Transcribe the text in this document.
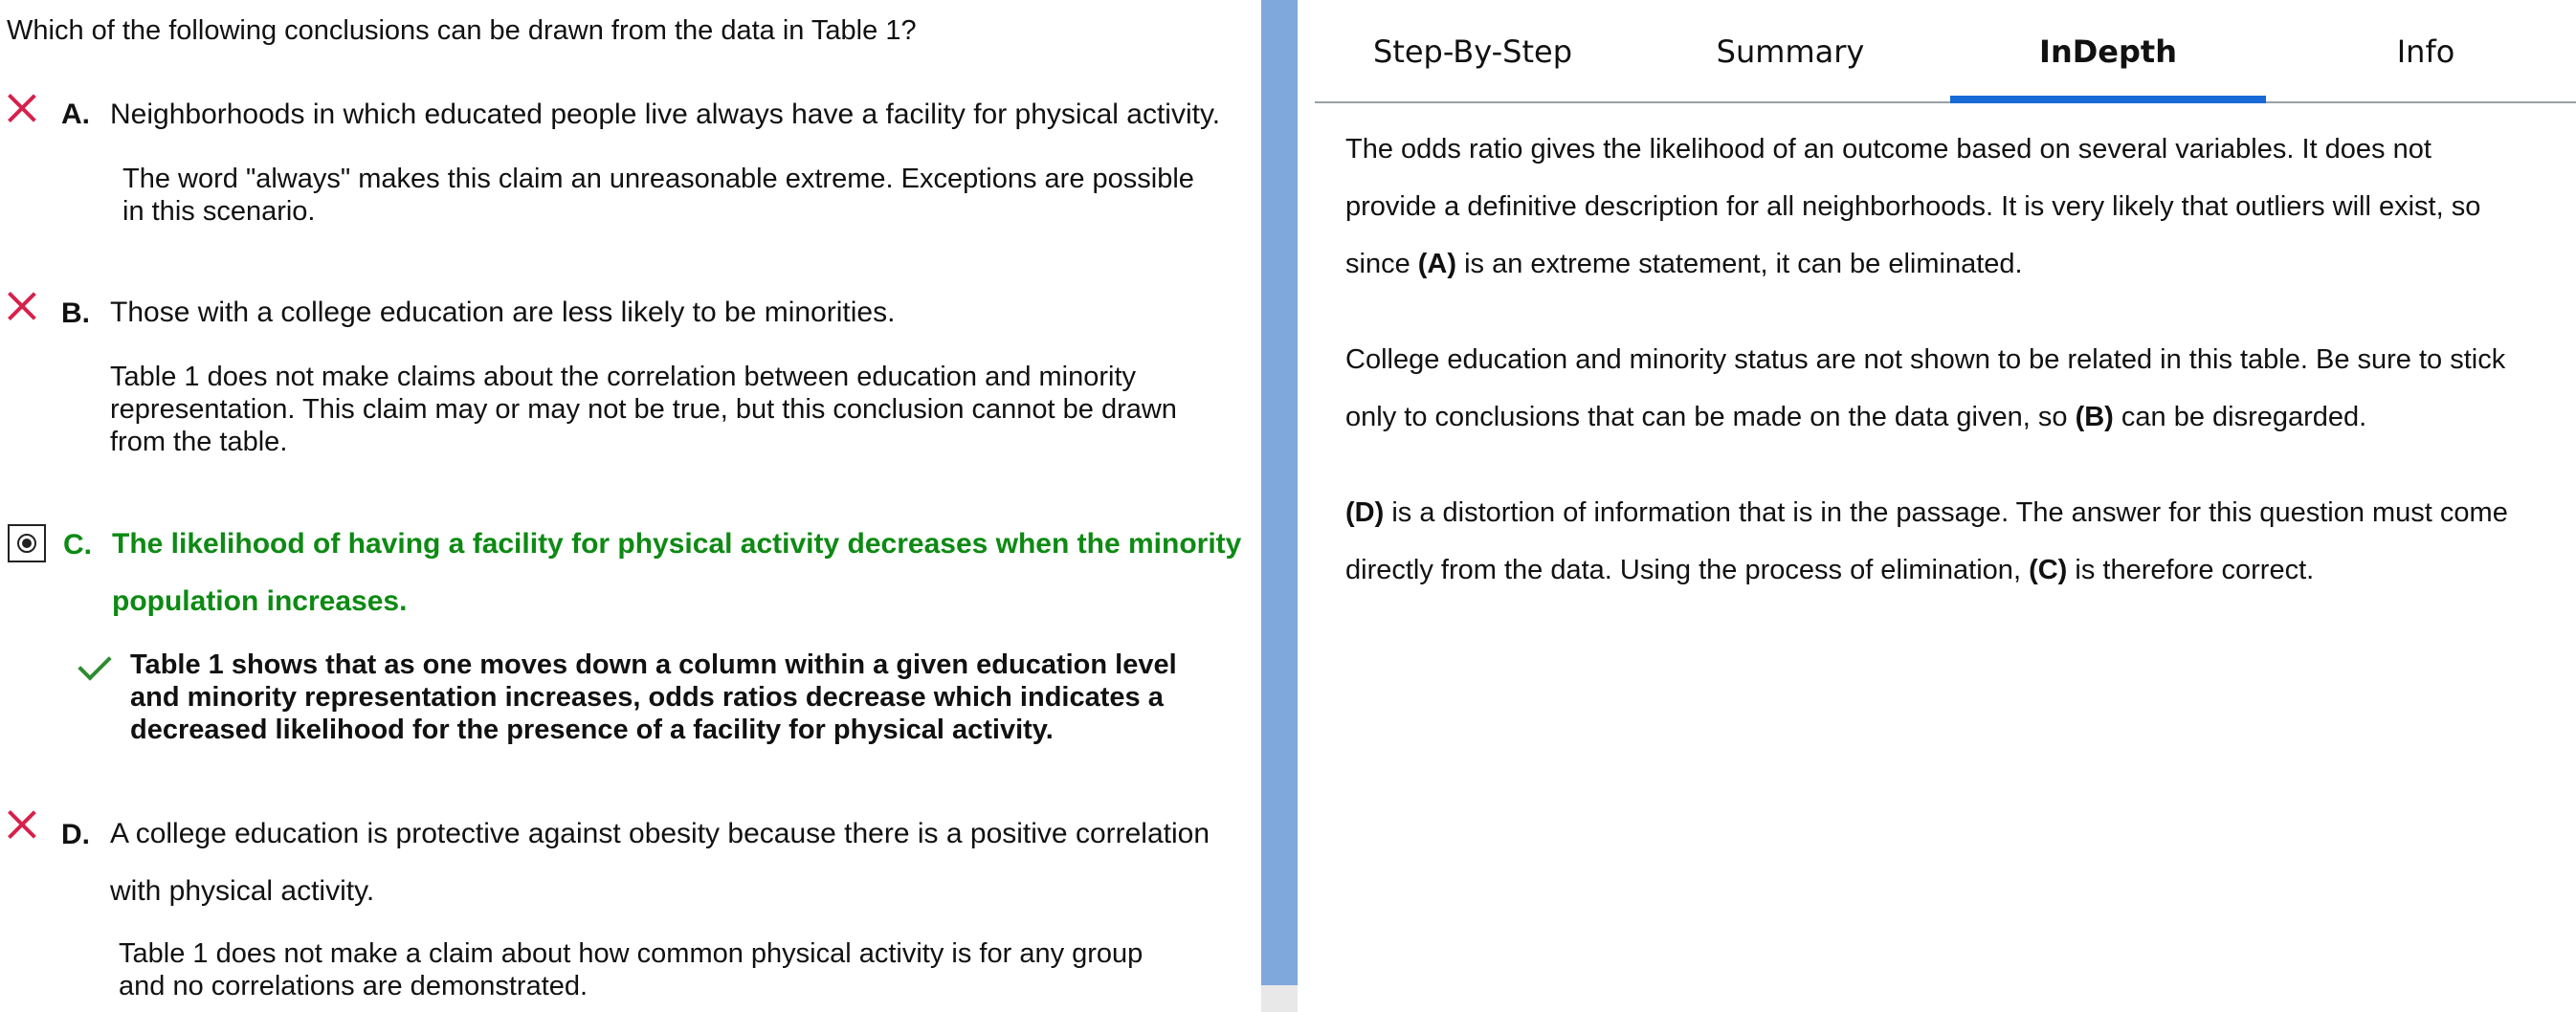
Which of the following conclusions can be drawn from the data in Table 1?
A. Neighborhoods in which educated people live always have a facility for physical activity.
The word "always" makes this claim an unreasonable extreme. Exceptions are possible
in this scenario.
B. Those with a college education are less likely to be minorities.
Table 1 does not make claims about the correlation between education and minority
representation. This claim may or may not be true, but this conclusion cannot be drawn
from the table.
C. The likelihood of having a facility for physical activity decreases when the minority
population increases.
Table 1 shows that as one moves down a column within a given education level
and minority representation increases, odds ratios decrease which indicates a
decreased likelihood for the presence of a facility for physical activity.
D. A college education is protective against obesity because there is a positive correlation
with physical activity.
Table 1 does not make a claim about how common physical activity is for any group
and no correlations are demonstrated.
Step-By-Step	Summary	InDepth	Info
The odds ratio gives the likelihood of an outcome based on several variables. It does not
provide a definitive description for all neighborhoods. It is very likely that outliers will exist, so
since (A) is an extreme statement, it can be eliminated.
College education and minority status are not shown to be related in this table. Be sure to stick
only to conclusions that can be made on the data given, so (B) can be disregarded.
(D) is a distortion of information that is in the passage. The answer for this question must come
directly from the data. Using the process of elimination, (C) is therefore correct.
